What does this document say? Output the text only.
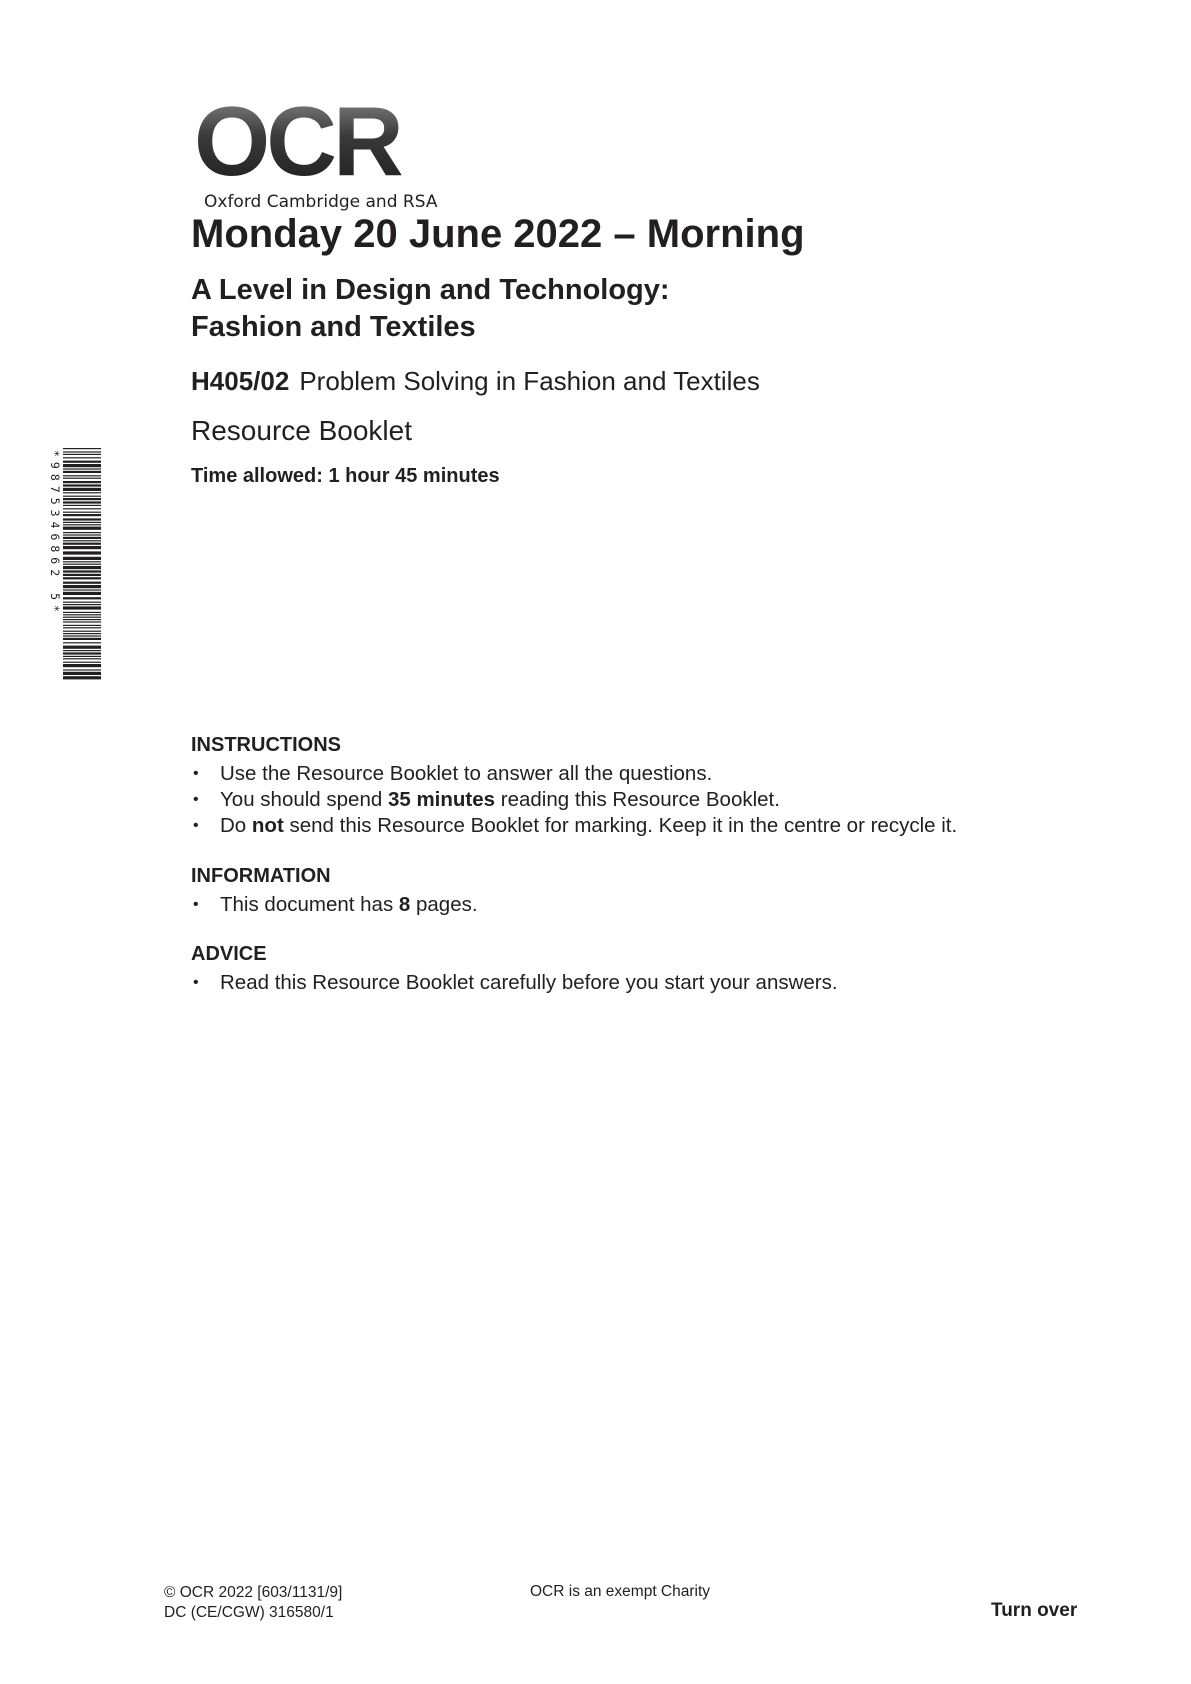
OCR
Oxford Cambridge and RSA
Monday 20 June 2022 – Morning
A Level in Design and Technology:
Fashion and Textiles
H405/02 Problem Solving in Fashion and Textiles
Resource Booklet
Time allowed: 1 hour 45 minutes
*9875346862 5*
INSTRUCTIONS
• Use the Resource Booklet to answer all the questions.
• You should spend 35 minutes reading this Resource Booklet.
• Do not send this Resource Booklet for marking. Keep it in the centre or recycle it.
INFORMATION
• This document has 8 pages.
ADVICE
• Read this Resource Booklet carefully before you start your answers.
© OCR 2022 [603/1131/9]
DC (CE/CGW) 316580/1
OCR is an exempt Charity
Turn over
